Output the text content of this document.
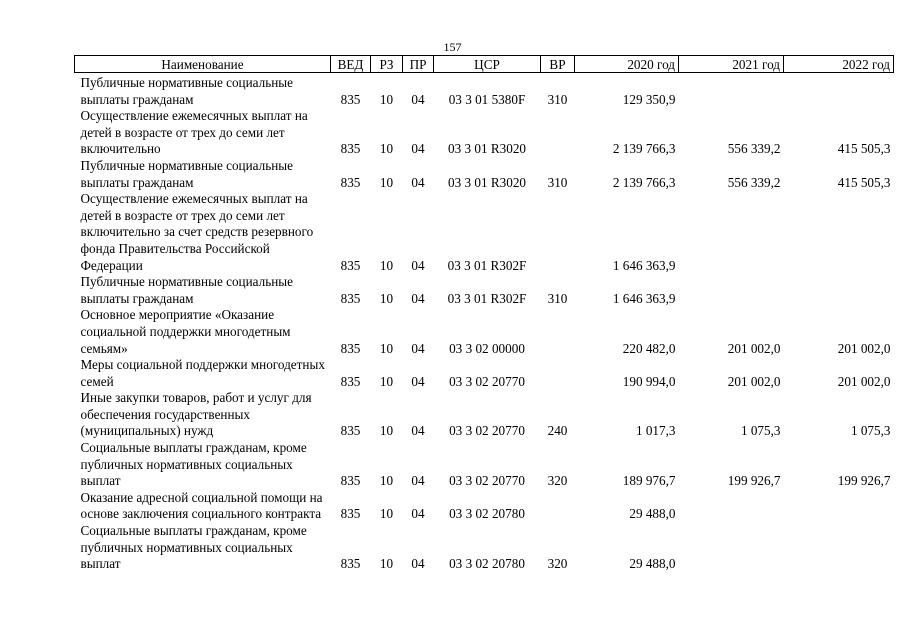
157
Наименование	ВЕД	РЗ	ПР	ЦСР	ВР	2020 год	2021 год	2022 год
Публичные нормативные социальные выплаты гражданам	835	10	04	03 3 01 5380F	310	129 350,9		
Осуществление ежемесячных выплат на детей в возрасте от трех до семи лет включительно	835	10	04	03 3 01 R3020		2 139 766,3	556 339,2	415 505,3
Публичные нормативные социальные выплаты гражданам	835	10	04	03 3 01 R3020	310	2 139 766,3	556 339,2	415 505,3
Осуществление ежемесячных выплат на детей в возрасте от трех до семи лет включительно за счет средств резервного фонда Правительства Российской Федерации	835	10	04	03 3 01 R302F		1 646 363,9		
Публичные нормативные социальные выплаты гражданам	835	10	04	03 3 01 R302F	310	1 646 363,9		
Основное мероприятие «Оказание социальной поддержки многодетным семьям»	835	10	04	03 3 02 00000		220 482,0	201 002,0	201 002,0
Меры социальной поддержки многодетных семей	835	10	04	03 3 02 20770		190 994,0	201 002,0	201 002,0
Иные закупки товаров, работ и услуг для обеспечения государственных (муниципальных) нужд	835	10	04	03 3 02 20770	240	1 017,3	1 075,3	1 075,3
Социальные выплаты гражданам, кроме публичных нормативных социальных выплат	835	10	04	03 3 02 20770	320	189 976,7	199 926,7	199 926,7
Оказание адресной социальной помощи на основе заключения социального контракта	835	10	04	03 3 02 20780		29 488,0		
Социальные выплаты гражданам, кроме публичных нормативных социальных выплат	835	10	04	03 3 02 20780	320	29 488,0		
